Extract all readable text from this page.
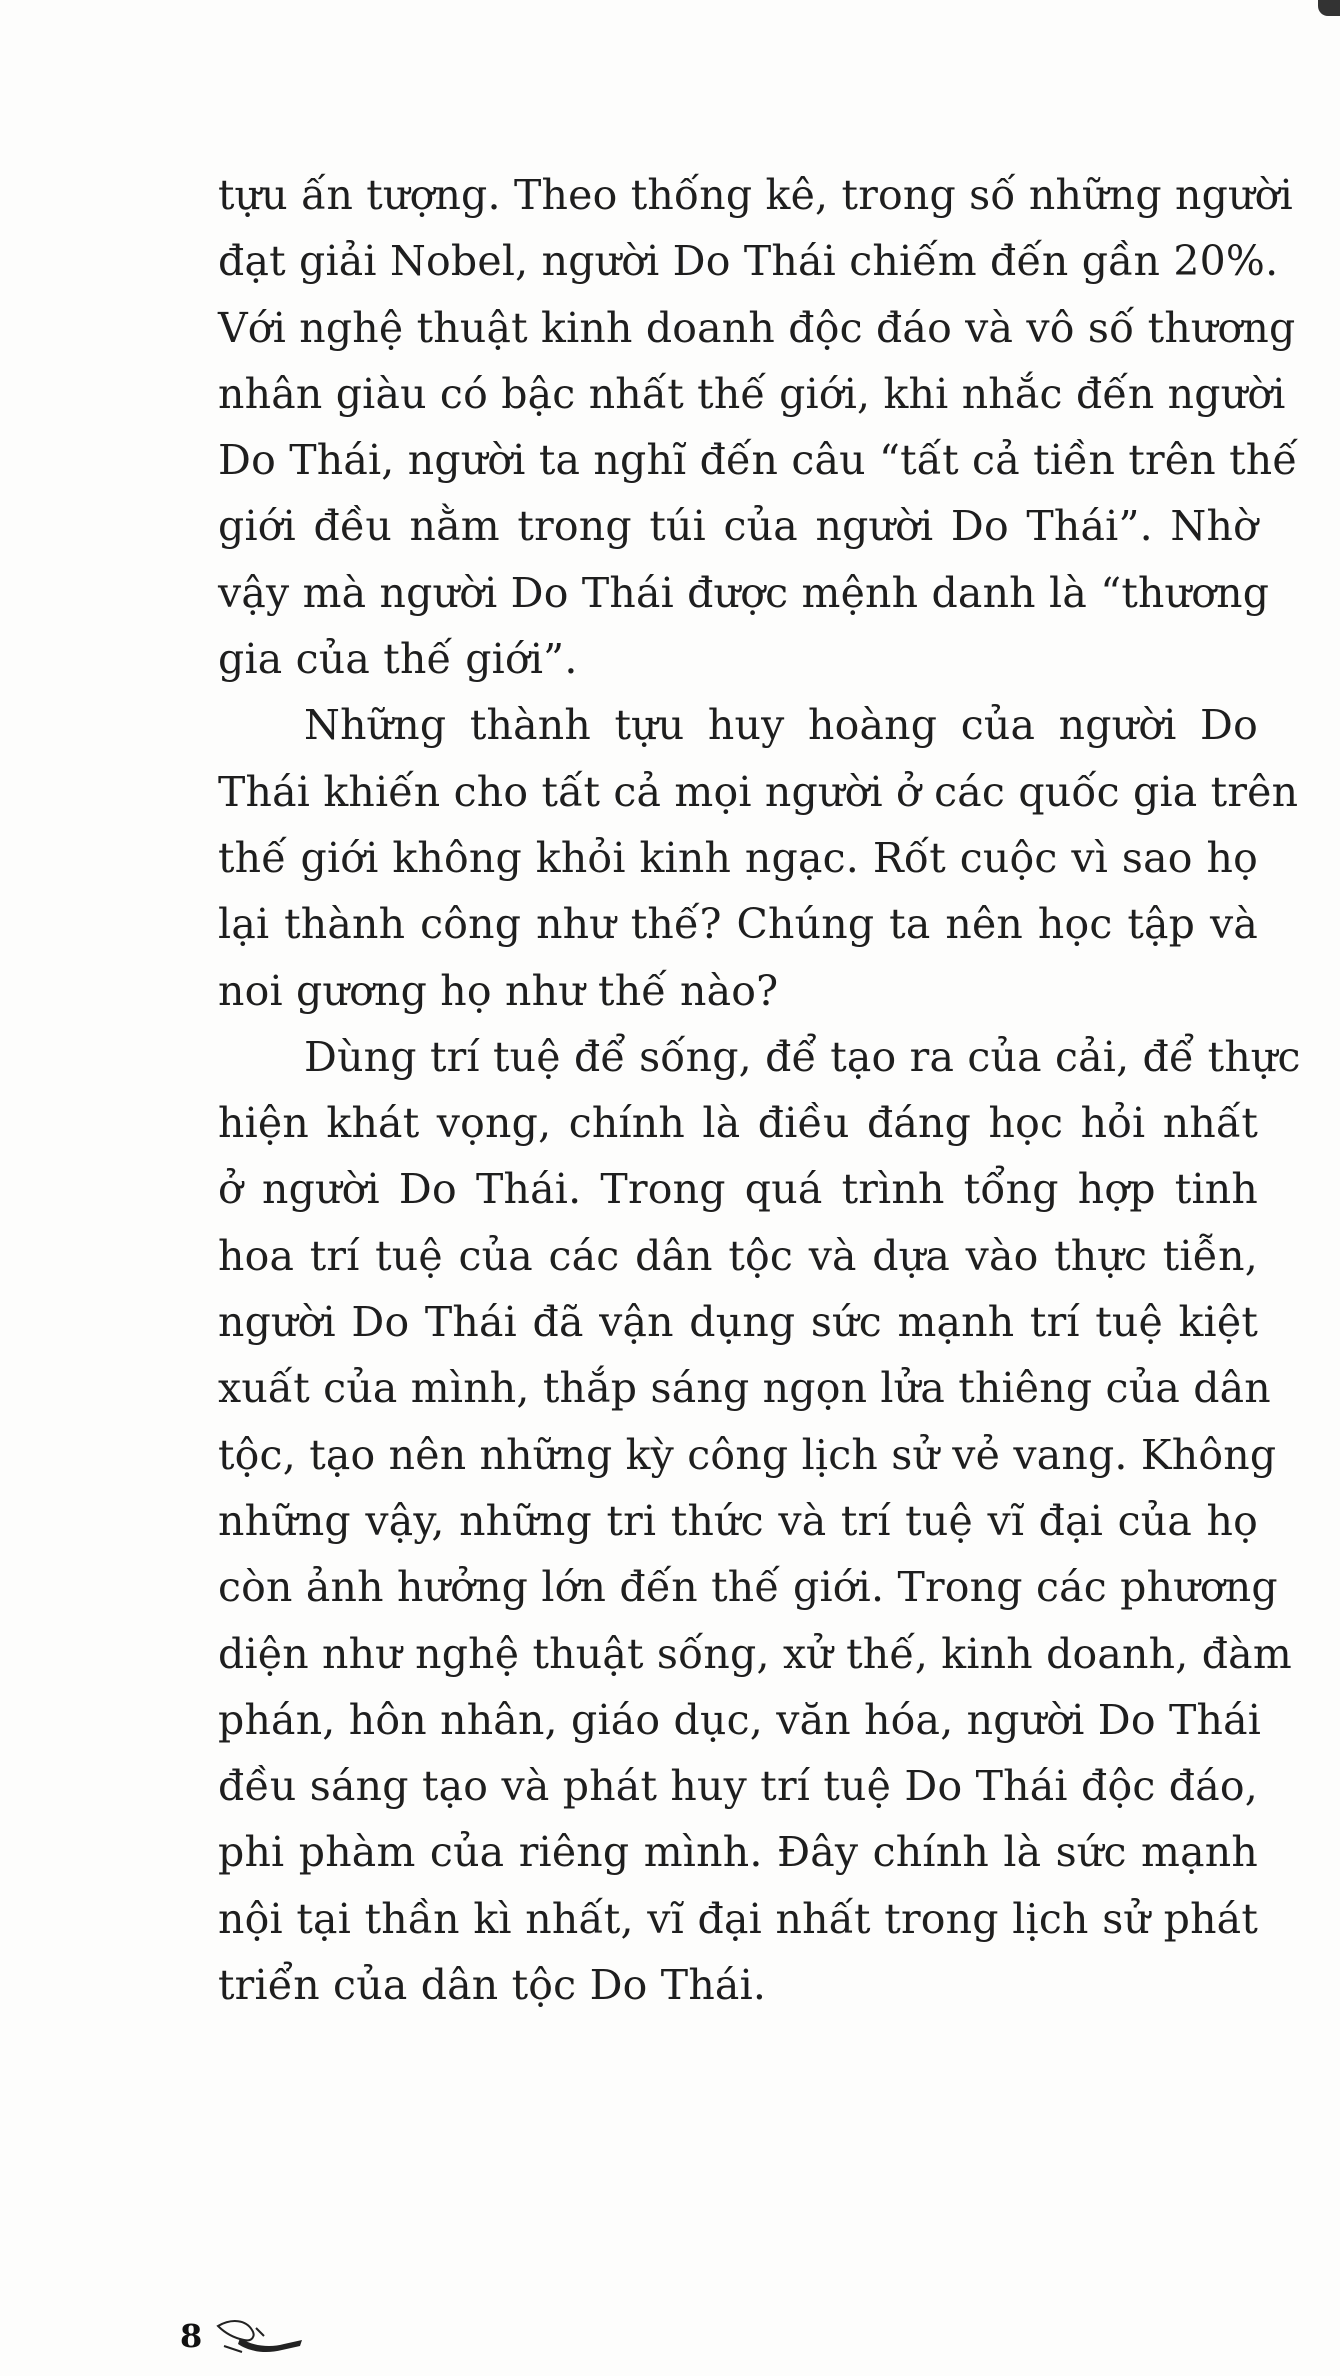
tựu ấn tượng. Theo thống kê, trong số những người
đạt giải Nobel, người Do Thái chiếm đến gần 20%.
Với nghệ thuật kinh doanh độc đáo và vô số thương
nhân giàu có bậc nhất thế giới, khi nhắc đến người
Do Thái, người ta nghĩ đến câu “tất cả tiền trên thế
giới đều nằm trong túi của người Do Thái”. Nhờ
vậy mà người Do Thái được mệnh danh là “thương
gia của thế giới”.
Những thành tựu huy hoàng của người Do
Thái khiến cho tất cả mọi người ở các quốc gia trên
thế giới không khỏi kinh ngạc. Rốt cuộc vì sao họ
lại thành công như thế? Chúng ta nên học tập và
noi gương họ như thế nào?
Dùng trí tuệ để sống, để tạo ra của cải, để thực
hiện khát vọng, chính là điều đáng học hỏi nhất
ở người Do Thái. Trong quá trình tổng hợp tinh
hoa trí tuệ của các dân tộc và dựa vào thực tiễn,
người Do Thái đã vận dụng sức mạnh trí tuệ kiệt
xuất của mình, thắp sáng ngọn lửa thiêng của dân
tộc, tạo nên những kỳ công lịch sử vẻ vang. Không
những vậy, những tri thức và trí tuệ vĩ đại của họ
còn ảnh hưởng lớn đến thế giới. Trong các phương
diện như nghệ thuật sống, xử thế, kinh doanh, đàm
phán, hôn nhân, giáo dục, văn hóa, người Do Thái
đều sáng tạo và phát huy trí tuệ Do Thái độc đáo,
phi phàm của riêng mình. Đây chính là sức mạnh
nội tại thần kì nhất, vĩ đại nhất trong lịch sử phát
triển của dân tộc Do Thái.
8
